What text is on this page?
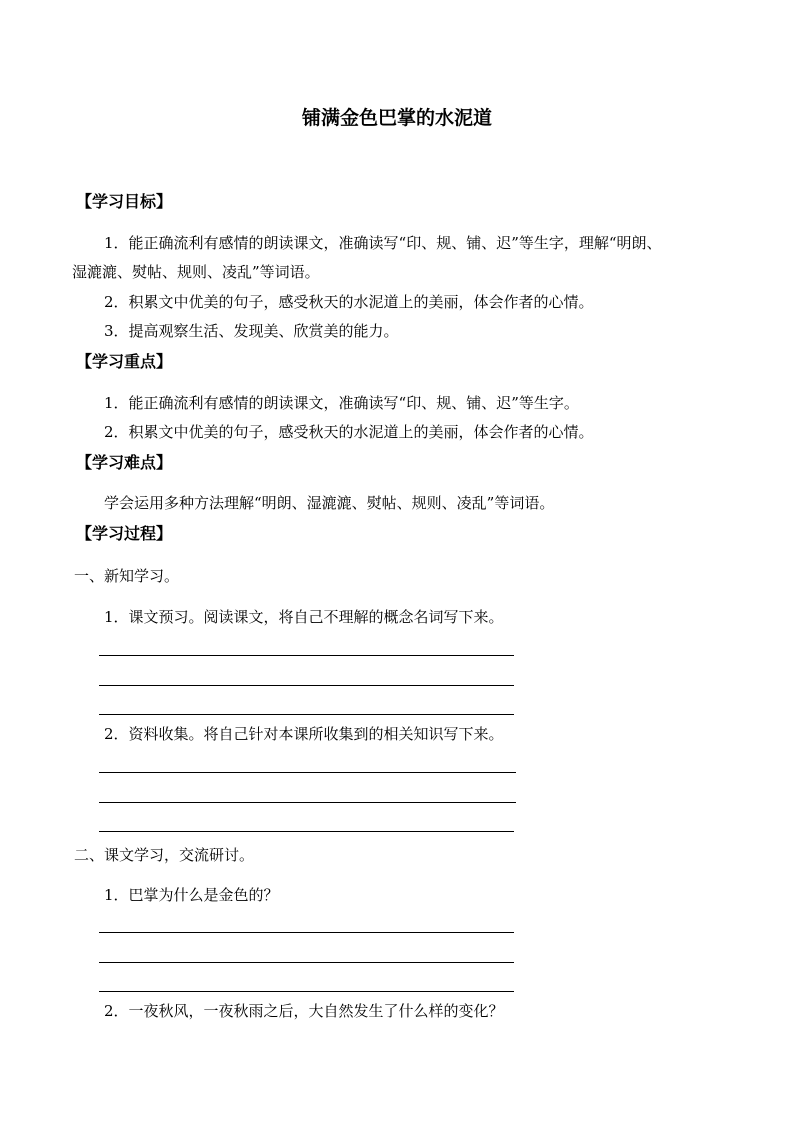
铺满金色巴掌的水泥道
【学习目标】
1．能正确流利有感情的朗读课文，准确读写“印、规、铺、迟”等生字，理解“明朗、
湿漉漉、熨帖、规则、凌乱”等词语。
2．积累文中优美的句子，感受秋天的水泥道上的美丽，体会作者的心情。
3．提高观察生活、发现美、欣赏美的能力。
【学习重点】
1．能正确流利有感情的朗读课文，准确读写“印、规、铺、迟”等生字。
2．积累文中优美的句子，感受秋天的水泥道上的美丽，体会作者的心情。
【学习难点】
学会运用多种方法理解“明朗、湿漉漉、熨帖、规则、凌乱”等词语。
【学习过程】
一、新知学习。
1．课文预习。阅读课文，将自己不理解的概念名词写下来。
2．资料收集。将自己针对本课所收集到的相关知识写下来。
二、课文学习，交流研讨。
1．巴掌为什么是金色的？
2．一夜秋风，一夜秋雨之后，大自然发生了什么样的变化？
